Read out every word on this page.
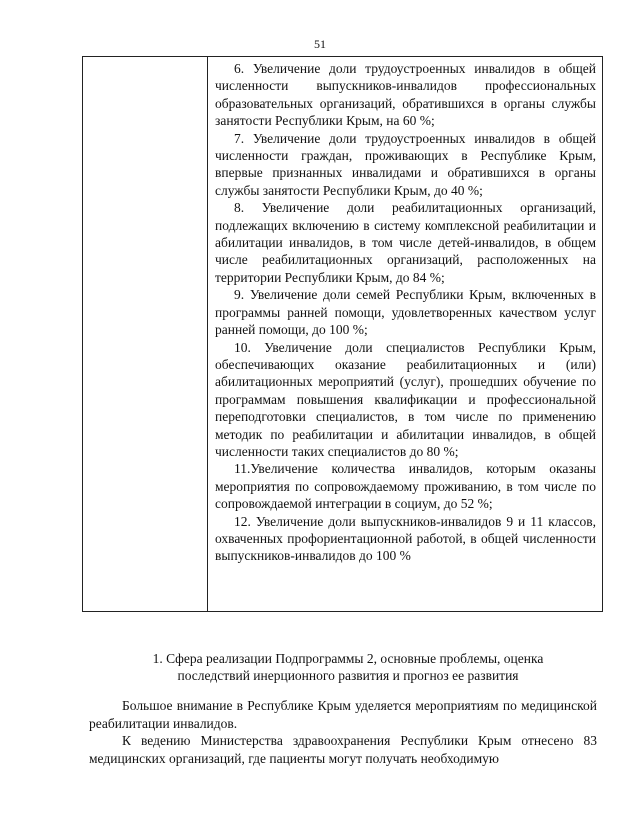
51

6. Увеличение доли трудоустроенных инвалидов в общей численности выпускников-инвалидов профессиональных образовательных организаций, обратившихся в органы службы занятости Республики Крым, на 60 %;

7. Увеличение доли трудоустроенных инвалидов в общей численности граждан, проживающих в Республике Крым, впервые признанных инвалидами и обратившихся в органы службы занятости Республики Крым, до 40 %;

8. Увеличение доли реабилитационных организаций, подлежащих включению в систему комплексной реабилитации и абилитации инвалидов, в том числе детей-инвалидов, в общем числе реабилитационных организаций, расположенных на территории Республики Крым, до 84 %;

9. Увеличение доли семей Республики Крым, включенных в программы ранней помощи, удовлетворенных качеством услуг ранней помощи, до 100 %;

10. Увеличение доли специалистов Республики Крым, обеспечивающих оказание реабилитационных и (или) абилитационных мероприятий (услуг), прошедших обучение по программам повышения квалификации и профессиональной переподготовки специалистов, в том числе по применению методик по реабилитации и абилитации инвалидов, в общей численности таких специалистов до 80 %;

11.Увеличение количества инвалидов, которым оказаны мероприятия по сопровождаемому проживанию, в том числе по сопровождаемой интеграции в социум, до 52 %;

12. Увеличение доли выпускников-инвалидов 9 и 11 классов, охваченных профориентационной работой, в общей численности выпускников-инвалидов до 100 %

1. Сфера реализации Подпрограммы 2, основные проблемы, оценка
последствий инерционного развития и прогноз ее развития

Большое внимание в Республике Крым уделяется мероприятиям по медицинской реабилитации инвалидов.

К ведению Министерства здравоохранения Республики Крым отнесено 83 медицинских организаций, где пациенты могут получать необходимую
